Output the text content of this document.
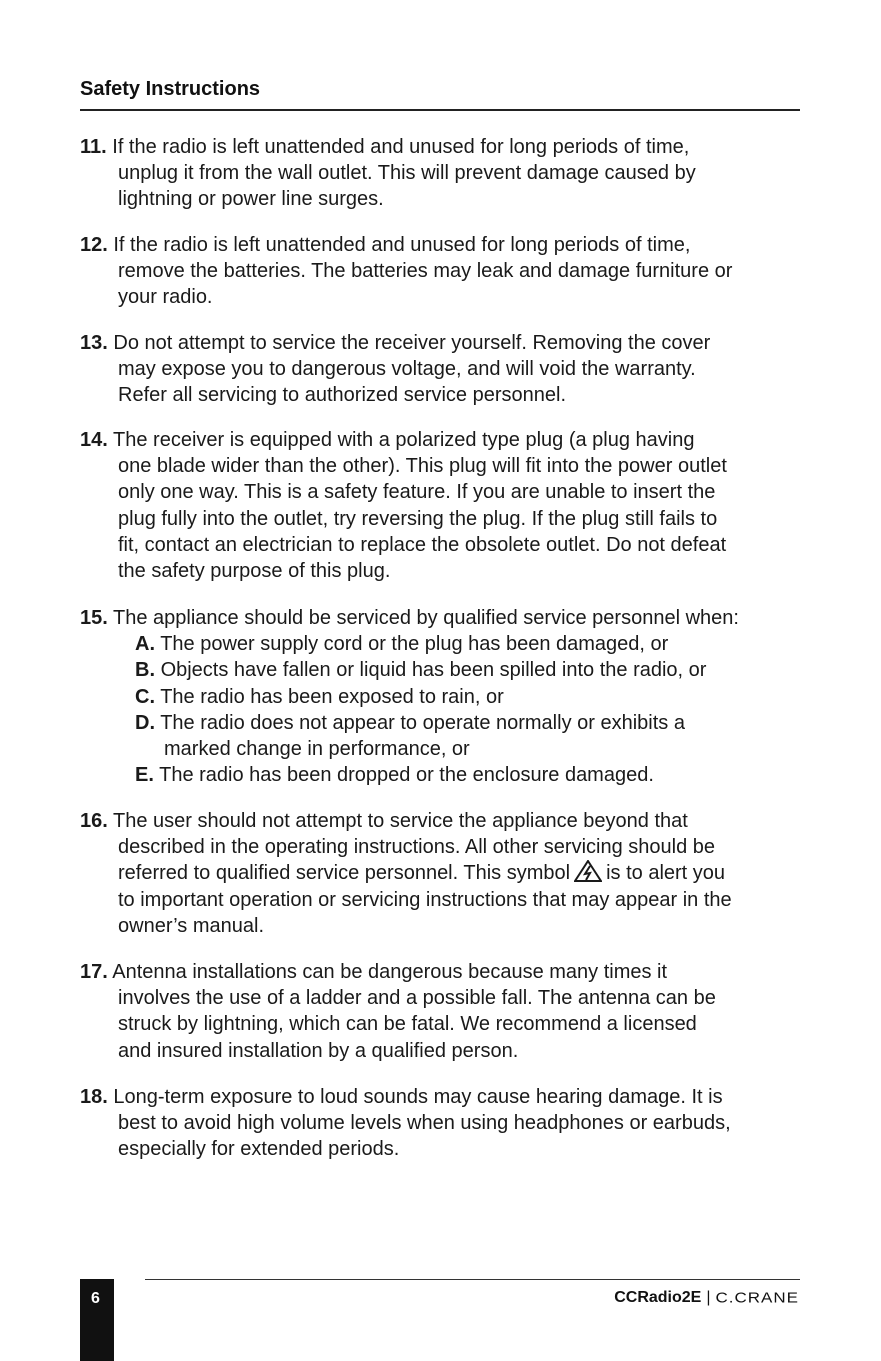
Safety Instructions
11. If the radio is left unattended and unused for long periods of time,
unplug it from the wall outlet. This will prevent damage caused by
lightning or power line surges.
12. If the radio is left unattended and unused for long periods of time,
remove the batteries. The batteries may leak and damage furniture or
your radio.
13. Do not attempt to service the receiver yourself. Removing the cover
may expose you to dangerous voltage, and will void the warranty.
Refer all servicing to authorized service personnel.
14. The receiver is equipped with a polarized type plug (a plug having
one blade wider than the other). This plug will fit into the power outlet
only one way. This is a safety feature. If you are unable to insert the
plug fully into the outlet, try reversing the plug. If the plug still fails to
fit, contact an electrician to replace the obsolete outlet. Do not defeat
the safety purpose of this plug.
15. The appliance should be serviced by qualified service personnel when:
A. The power supply cord or the plug has been damaged, or
B. Objects have fallen or liquid has been spilled into the radio, or
C. The radio has been exposed to rain, or
D. The radio does not appear to operate normally or exhibits a
marked change in performance, or
E. The radio has been dropped or the enclosure damaged.
16. The user should not attempt to service the appliance beyond that
described in the operating instructions. All other servicing should be
referred to qualified service personnel. This symbol is to alert you
to important operation or servicing instructions that may appear in the
owner’s manual.
17. Antenna installations can be dangerous because many times it
involves the use of a ladder and a possible fall. The antenna can be
struck by lightning, which can be fatal. We recommend a licensed
and insured installation by a qualified person.
18. Long-term exposure to loud sounds may cause hearing damage. It is
best to avoid high volume levels when using headphones or earbuds,
especially for extended periods.
6	CCRadio2E | C.CRANE
